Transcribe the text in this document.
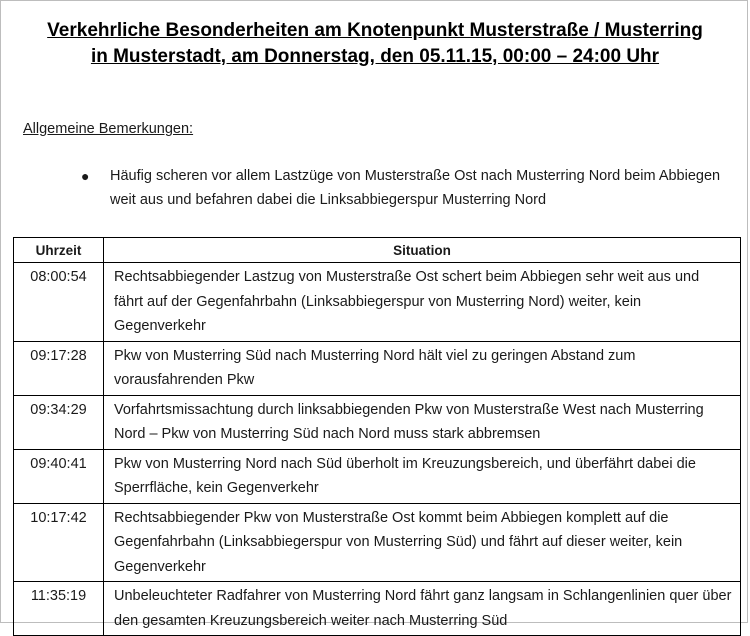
Verkehrliche Besonderheiten am Knotenpunkt Musterstraße / Musterring
in Musterstadt, am Donnerstag, den 05.11.15, 00:00 – 24:00 Uhr
Allgemeine Bemerkungen:
●	Häufig scheren vor allem Lastzüge von Musterstraße Ost nach Musterring Nord beim Abbiegen weit aus und befahren dabei die Linksabbiegerspur Musterring Nord
Uhrzeit	Situation
08:00:54	Rechtsabbiegender Lastzug von Musterstraße Ost schert beim Abbiegen sehr weit aus und fährt auf der Gegenfahrbahn (Linksabbiegerspur von Musterring Nord) weiter, kein Gegenverkehr
09:17:28	Pkw von Musterring Süd nach Musterring Nord hält viel zu geringen Abstand zum vorausfahrenden Pkw
09:34:29	Vorfahrtsmissachtung durch linksabbiegenden Pkw von Musterstraße West nach Musterring Nord – Pkw von Musterring Süd nach Nord muss stark abbremsen
09:40:41	Pkw von Musterring Nord nach Süd überholt im Kreuzungsbereich, und überfährt dabei die Sperrfläche, kein Gegenverkehr
10:17:42	Rechtsabbiegender Pkw von Musterstraße Ost kommt beim Abbiegen komplett auf die Gegenfahrbahn (Linksabbiegerspur von Musterring Süd) und fährt auf dieser weiter, kein Gegenverkehr
11:35:19	Unbeleuchteter Radfahrer von Musterring Nord fährt ganz langsam in Schlangenlinien quer über den gesamten Kreuzungsbereich weiter nach Musterring Süd
